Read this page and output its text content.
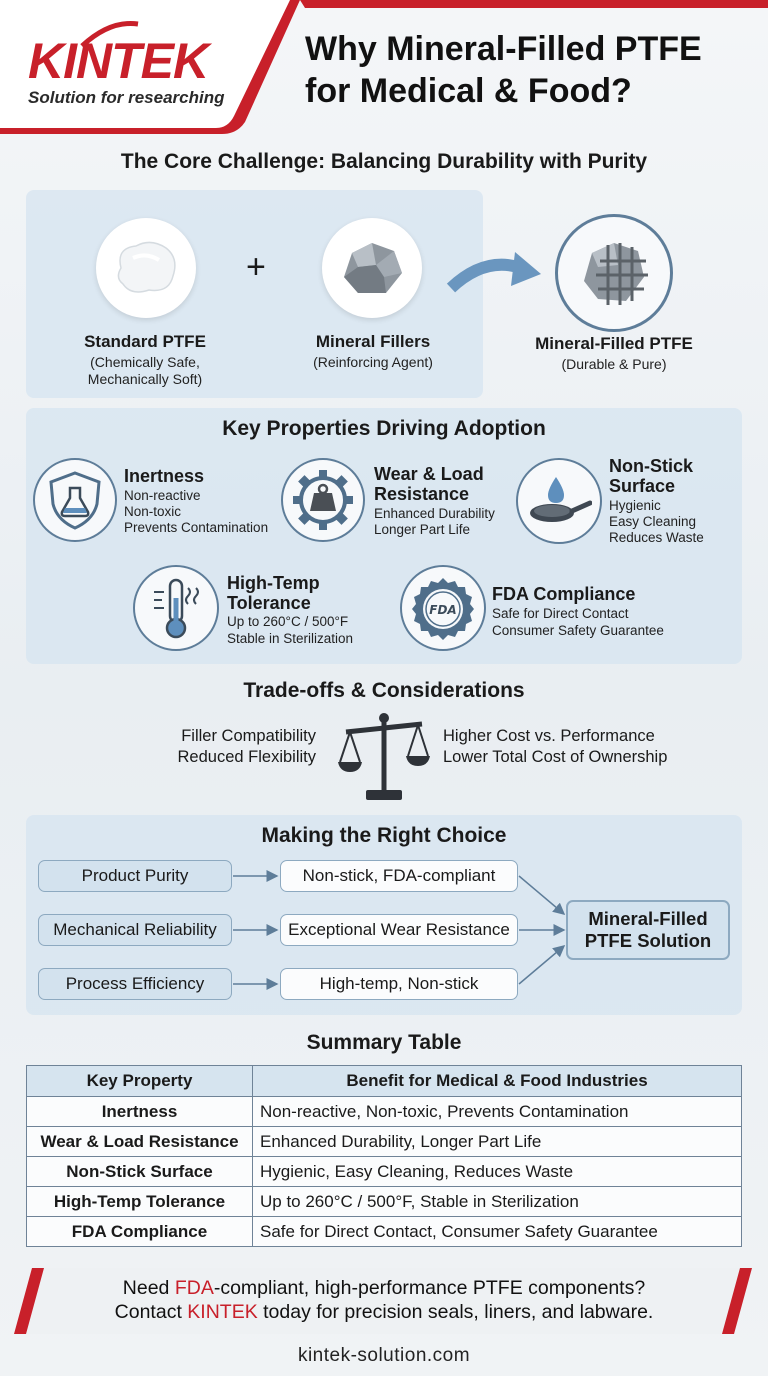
KINTEK
Solution for researching
Why Mineral-Filled PTFE
for Medical & Food?
The Core Challenge: Balancing Durability with Purity
+
Standard PTFE
(Chemically Safe,
Mechanically Soft)
Mineral Fillers
(Reinforcing Agent)
Mineral-Filled PTFE
(Durable & Pure)
Key Properties Driving Adoption
Inertness
Non-reactive
Non-toxic
Prevents Contamination
Wear & Load
Resistance
Enhanced Durability
Longer Part Life
Non-Stick
Surface
Hygienic
Easy Cleaning
Reduces Waste
High-Temp
Tolerance
Up to 260°C / 500°F
Stable in Sterilization
FDA
FDA Compliance
Safe for Direct Contact
Consumer Safety Guarantee
Trade-offs & Considerations
Filler Compatibility
Reduced Flexibility
Higher Cost vs. Performance
Lower Total Cost of Ownership
Making the Right Choice
Product Purity
Mechanical Reliability
Process Efficiency
Non-stick, FDA-compliant
Exceptional Wear Resistance
High-temp, Non-stick
Mineral-Filled
PTFE Solution
Summary Table
Key Property	Benefit for Medical & Food Industries
Inertness	Non-reactive, Non-toxic, Prevents Contamination
Wear & Load Resistance	Enhanced Durability, Longer Part Life
Non-Stick Surface	Hygienic, Easy Cleaning, Reduces Waste
High-Temp Tolerance	Up to 260°C / 500°F, Stable in Sterilization
FDA Compliance	Safe for Direct Contact, Consumer Safety Guarantee
Need FDA-compliant, high-performance PTFE components?
Contact KINTEK today for precision seals, liners, and labware.
kintek-solution.com
